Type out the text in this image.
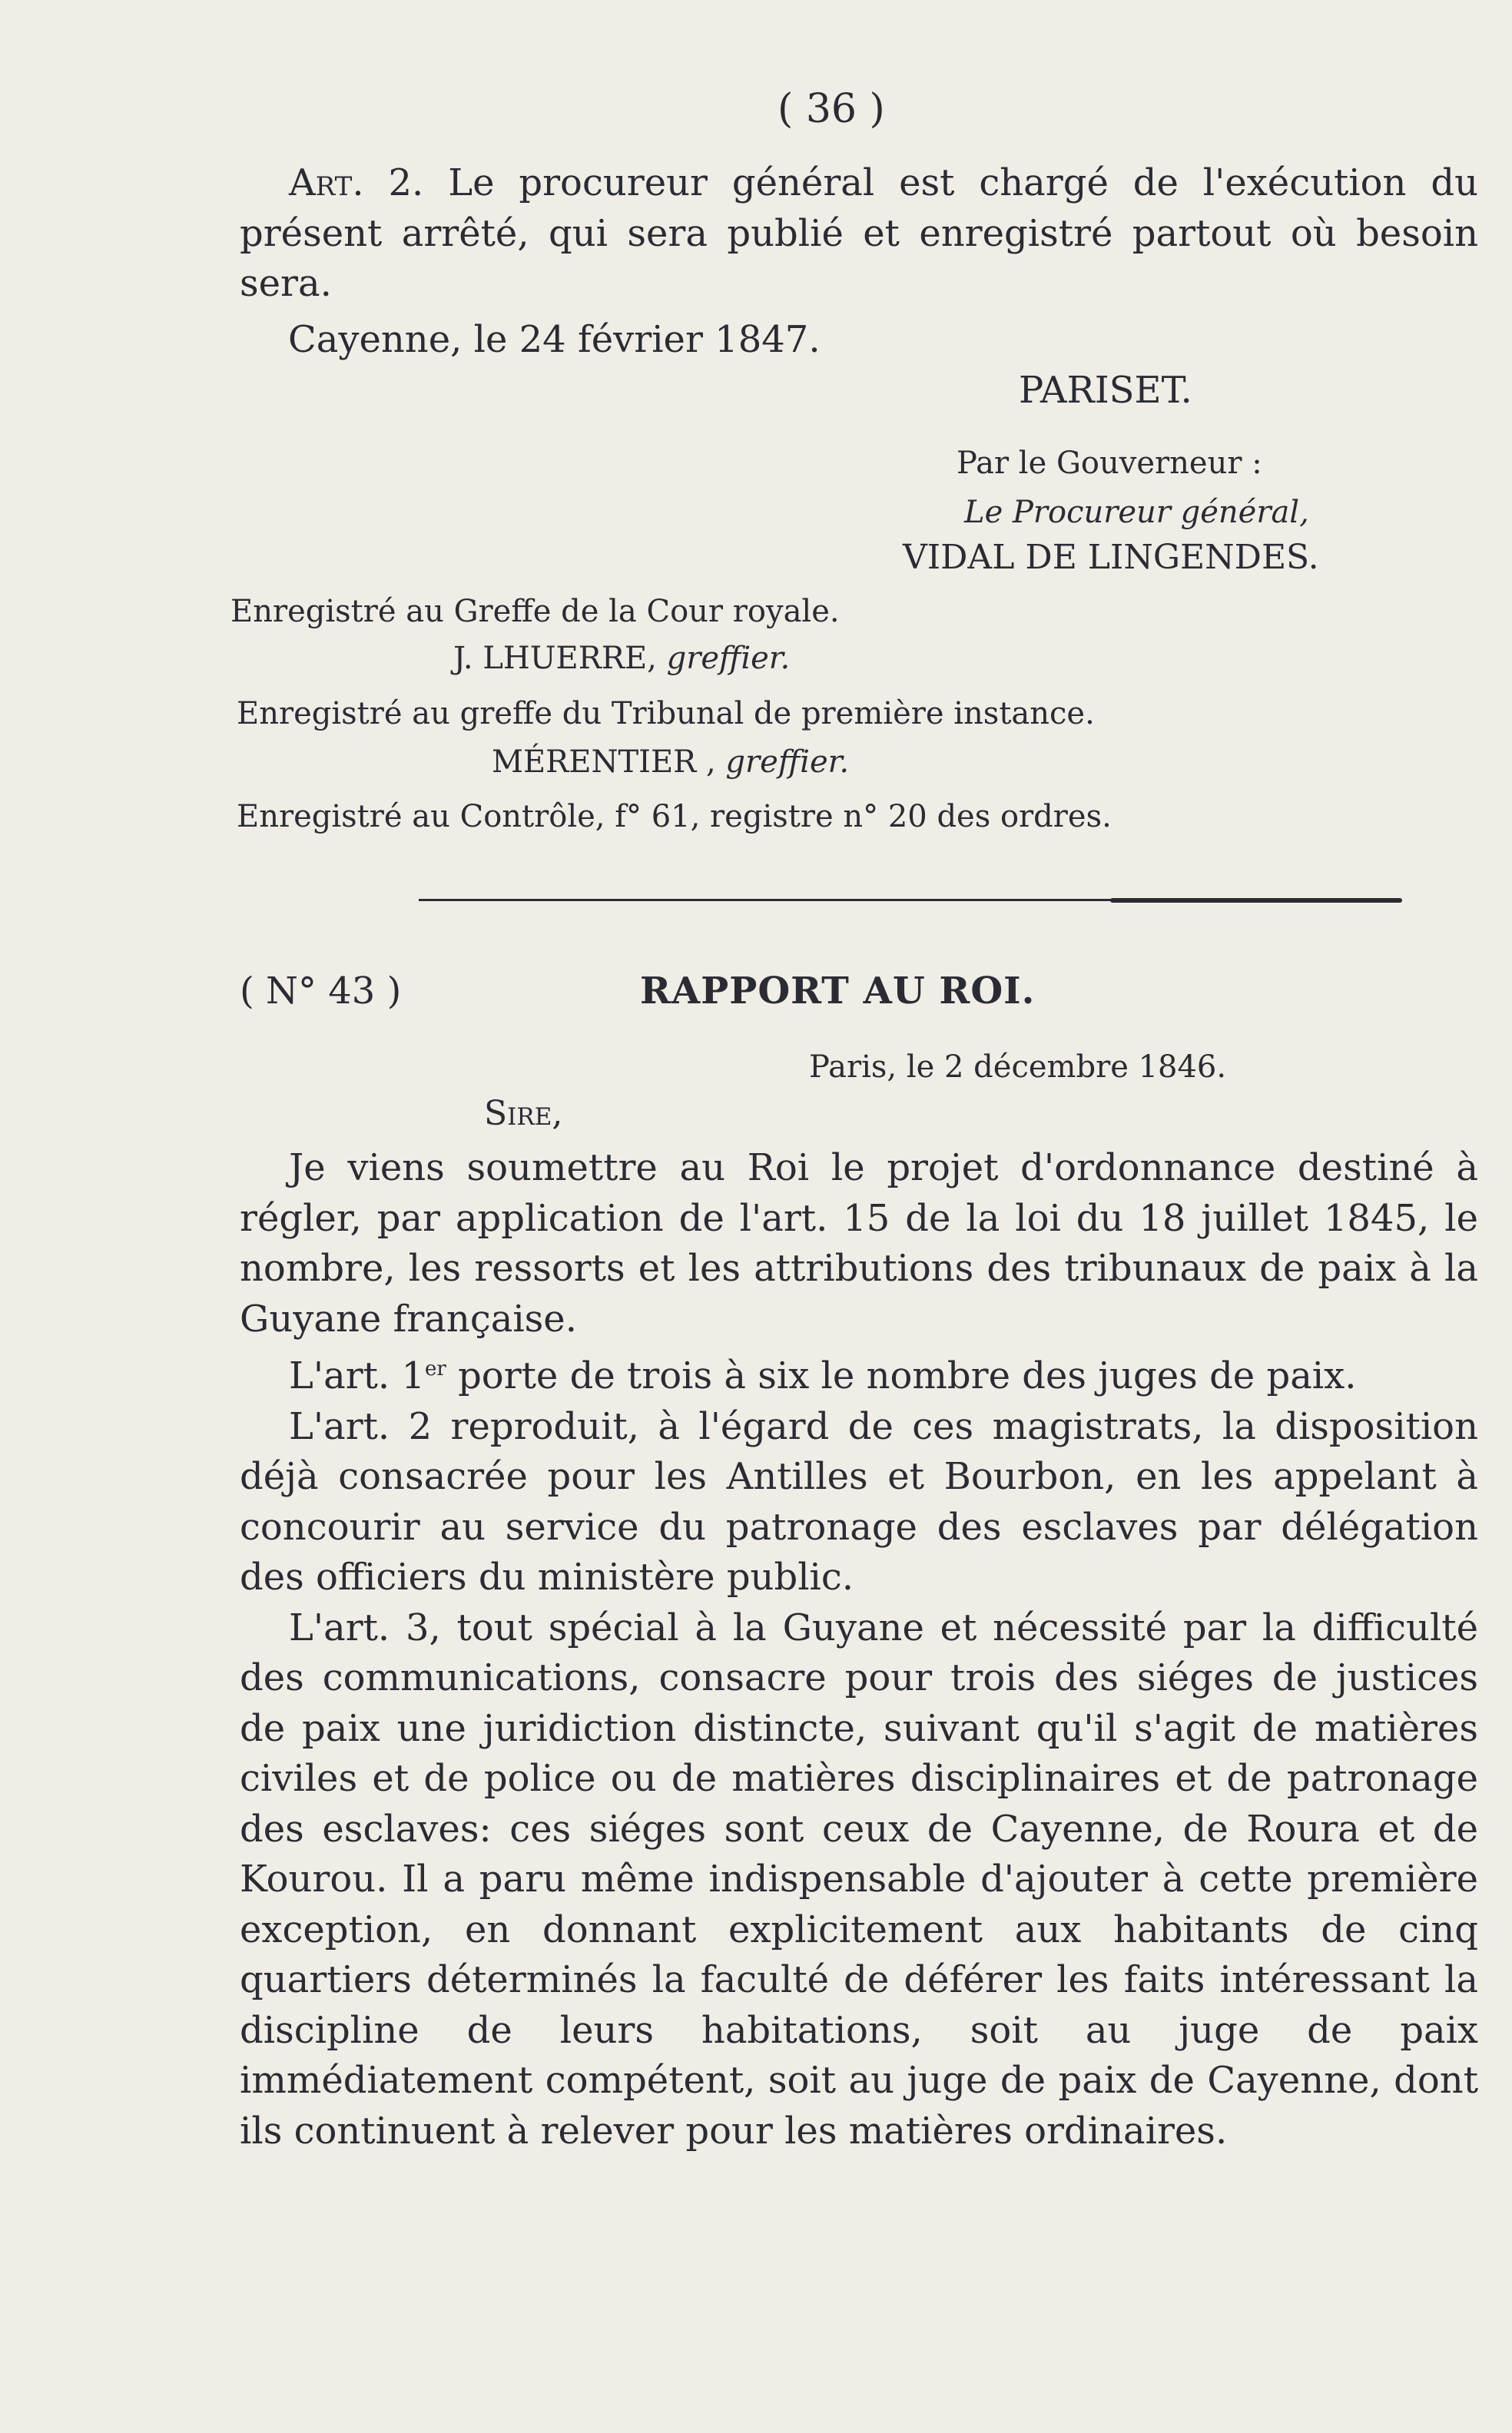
( 36 )

Art. 2. Le procureur général est chargé de l'exécution du présent arrêté, qui sera publié et enregistré partout où besoin sera.

Cayenne, le 24 février 1847.
PARISET.
Par le Gouverneur :
Le Procureur général,
VIDAL DE LINGENDES.
Enregistré au Greffe de la Cour royale.
J. LHUERRE, greffier.
Enregistré au greffe du Tribunal de première instance.
MÉRENTIER , greffier.
Enregistré au Contrôle, f° 61, registre n° 20 des ordres.
( N° 43 )	RAPPORT AU ROI.
Paris, le 2 décembre 1846.
Sire,

Je viens soumettre au Roi le projet d'ordonnance destiné à régler, par application de l'art. 15 de la loi du 18 juillet 1845, le nombre, les ressorts et les attributions des tribunaux de paix à la Guyane française.

L'art. 1er porte de trois à six le nombre des juges de paix.

L'art. 2 reproduit, à l'égard de ces magistrats, la disposition déjà consacrée pour les Antilles et Bourbon, en les appelant à concourir au service du patronage des esclaves par délégation des officiers du ministère public.

L'art. 3, tout spécial à la Guyane et nécessité par la difficulté des communications, consacre pour trois des siéges de justices de paix une juridiction distincte, suivant qu'il s'agit de matières civiles et de police ou de matières disciplinaires et de patronage des esclaves: ces siéges sont ceux de Cayenne, de Roura et de Kourou. Il a paru même indispensable d'ajouter à cette première exception, en donnant explicitement aux habitants de cinq quartiers déterminés la faculté de déférer les faits intéressant la discipline de leurs habitations, soit au juge de paix immédiatement compétent, soit au juge de paix de Cayenne, dont ils continuent à relever pour les matières ordinaires.
